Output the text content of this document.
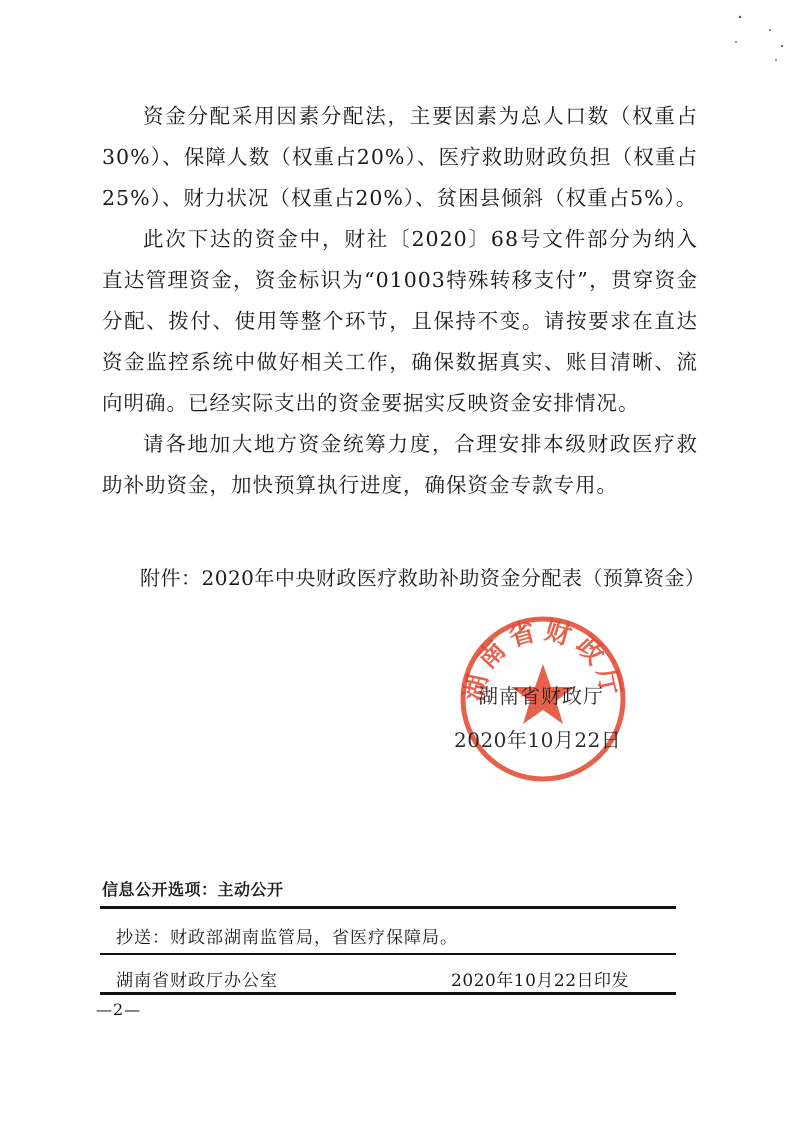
资金分配采用因素分配法，主要因素为总人口数（权重占30%）、保障人数（权重占20%）、医疗救助财政负担（权重占25%）、财力状况（权重占20%）、贫困县倾斜（权重占5%）。

此次下达的资金中，财社〔2020〕68号文件部分为纳入直达管理资金，资金标识为“01003特殊转移支付”，贯穿资金分配、拨付、使用等整个环节，且保持不变。请按要求在直达资金监控系统中做好相关工作，确保数据真实、账目清晰、流向明确。已经实际支出的资金要据实反映资金安排情况。

请各地加大地方资金统筹力度，合理安排本级财政医疗救助补助资金，加快预算执行进度，确保资金专款专用。

附件：2020年中央财政医疗救助补助资金分配表（预算资金）
湖南省财政厅
湖南省财政厅
2020年10月22日
信息公开选项：主动公开
抄送：财政部湖南监管局，省医疗保障局。
湖南省财政厅办公室	2020年10月22日印发
—2—
